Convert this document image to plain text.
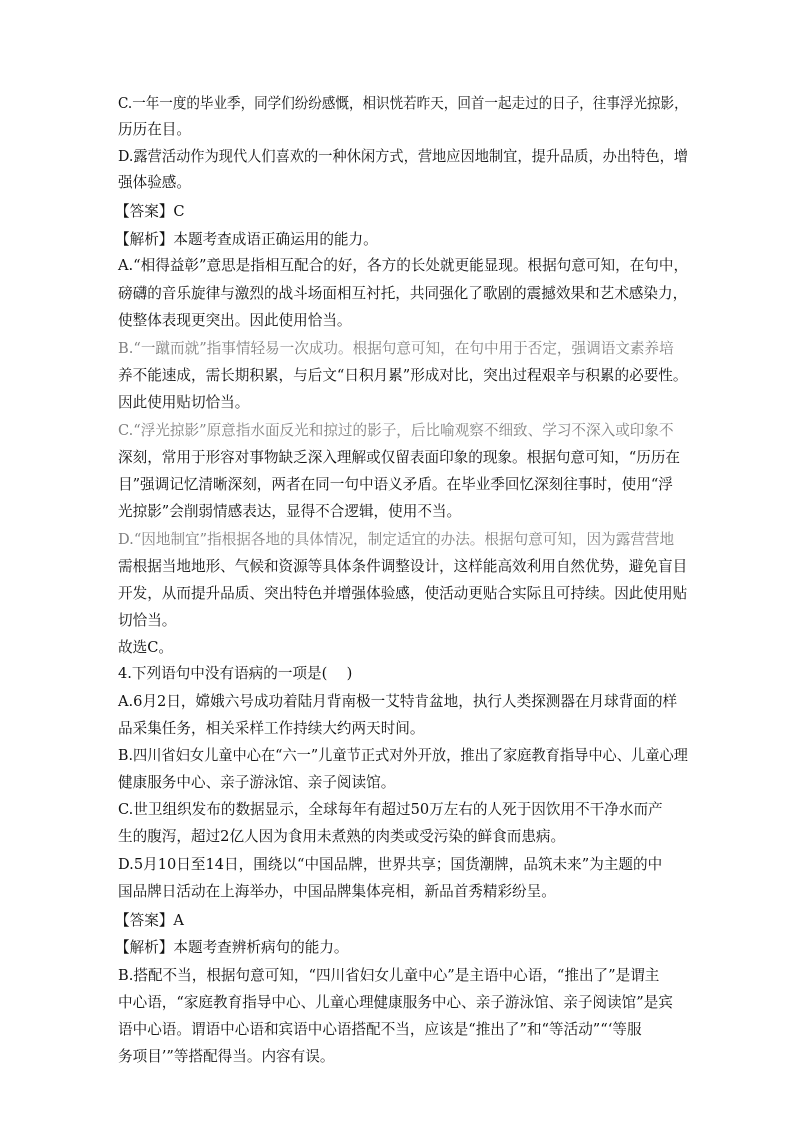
C.一年一度的毕业季，同学们纷纷感慨，相识恍若昨天，回首一起走过的日子，往事浮光掠影，
历历在目。
D.露营活动作为现代人们喜欢的一种休闲方式，营地应因地制宜，提升品质，办出特色，增
强体验感。
【答案】C
【解析】本题考查成语正确运用的能力。
A.“相得益彰”意思是指相互配合的好，各方的长处就更能显现。根据句意可知，在句中，
磅礴的音乐旋律与激烈的战斗场面相互衬托，共同强化了歌剧的震撼效果和艺术感染力，
使整体表现更突出。因此使用恰当。
B.“一蹴而就”指事情轻易一次成功。根据句意可知，在句中用于否定，强调语文素养培
养不能速成，需长期积累，与后文“日积月累”形成对比，突出过程艰辛与积累的必要性。
因此使用贴切恰当。
C.“浮光掠影”原意指水面反光和掠过的影子，后比喻观察不细致、学习不深入或印象不
深刻，常用于形容对事物缺乏深入理解或仅留表面印象的现象。根据句意可知，“历历在
目”强调记忆清晰深刻，两者在同一句中语义矛盾。在毕业季回忆深刻往事时，使用“浮
光掠影”会削弱情感表达，显得不合逻辑，使用不当。
D.“因地制宜”指根据各地的具体情况，制定适宜的办法。根据句意可知，因为露营营地
需根据当地地形、气候和资源等具体条件调整设计，这样能高效利用自然优势，避免盲目
开发，从而提升品质、突出特色并增强体验感，使活动更贴合实际且可持续。因此使用贴
切恰当。
故选C。
4.下列语句中没有语病的一项是(　 )
A.6月2日，嫦娥六号成功着陆月背南极一艾特肯盆地，执行人类探测器在月球背面的样
品采集任务，相关采样工作持续大约两天时间。
B.四川省妇女儿童中心在“六一”儿童节正式对外开放，推出了家庭教育指导中心、儿童心理
健康服务中心、亲子游泳馆、亲子阅读馆。
C.世卫组织发布的数据显示，全球每年有超过50万左右的人死于因饮用不干净水而产
生的腹泻，超过2亿人因为食用未煮熟的肉类或受污染的鲜食而患病。
D.5月10日至14日，围绕以“中国品牌，世界共享；国货潮牌，品筑未来”为主题的中
国品牌日活动在上海举办，中国品牌集体亮相，新品首秀精彩纷呈。
【答案】A
【解析】本题考查辨析病句的能力。
B.搭配不当，根据句意可知，“四川省妇女儿童中心”是主语中心语，“推出了”是谓主
中心语，“家庭教育指导中心、儿童心理健康服务中心、亲子游泳馆、亲子阅读馆”是宾
语中心语。谓语中心语和宾语中心语搭配不当，应该是“推出了”和“等活动”“‘等服
务项目’”等搭配得当。内容有误。
